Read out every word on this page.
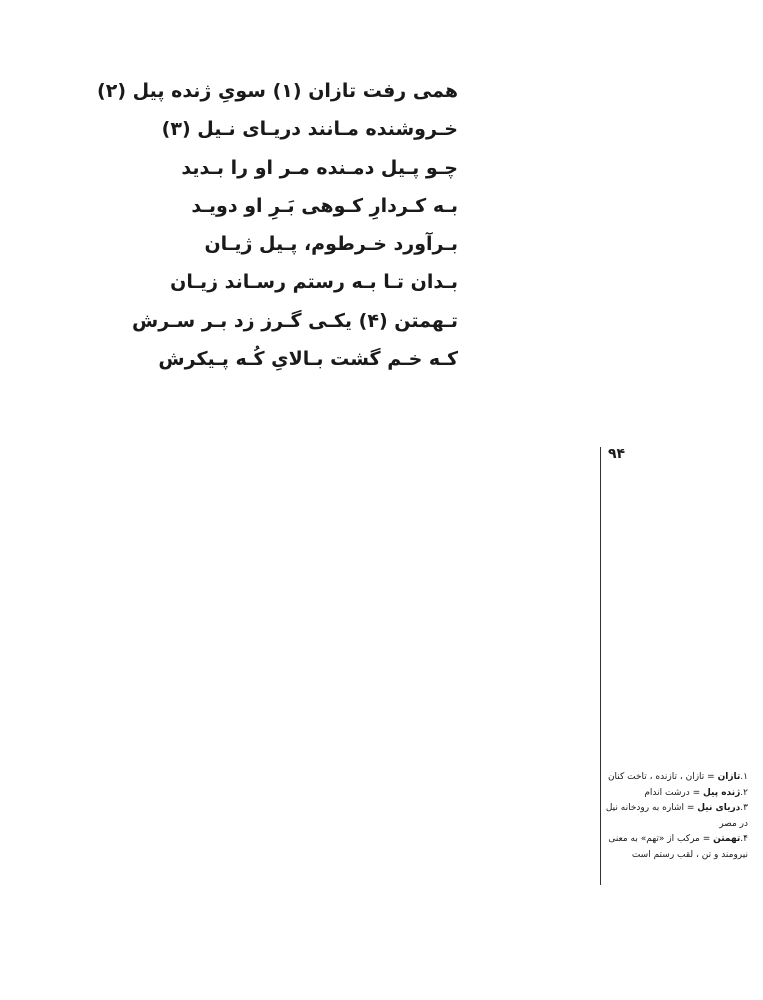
همی رفت تازان (۱) سویِ ژنده پیل (۲)
خـروشنده مـانند دریـای نـیل (۳)
چـو پـیل دمـنده مـر او را بـدید
بـه کـردارِ کـوهی بَـرِ او دویـد
بـرآورد خـرطوم، پـیل ژیـان
بـدان تـا بـه رستم رسـاند زیـان
تـهمتن (۴) یکـی گـرز زد بـر سـرش
کـه خـم گشت بـالایِ کُـه پـیکرش
۹۴
۱.تازان = تازان ، تازنده ، تاخت کنان
۲.ژنده پیل = درشت اندام
۳.دریای نیل = اشاره به رودخانه نیل
در مصر
۴.تهمتن = مرکب از «تهم» به معنی
نیرومند و تن ، لقب رستم است
